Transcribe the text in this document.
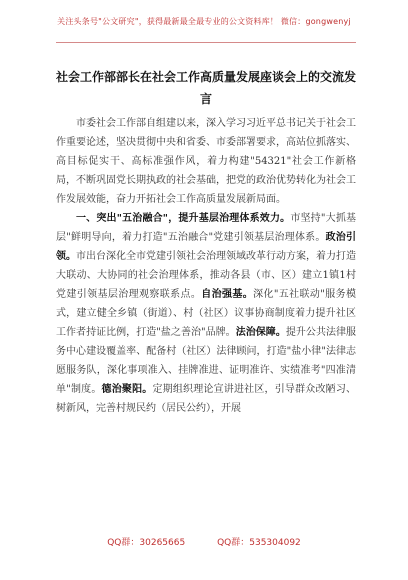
关注头条号"公文研究"，获得最新最全最专业的公文资料库！ 微信：gongwenyj
社会工作部部长在社会工作高质量发展座谈会上的交流发言

市委社会工作部自组建以来，深入学习习近平总书记关于社会工作重要论述，坚决贯彻中央和省委、市委部署要求，高站位抓落实、高目标促实干、高标准强作风，着力构建"54321"社会工作新格局，不断巩固党长期执政的社会基础，把党的政治优势转化为社会工作发展效能，奋力开拓社会工作高质量发展新局面。

一、突出"五治融合"，提升基层治理体系效力。市坚持"大抓基层"鲜明导向，着力打造"五治融合"党建引领基层治理体系。政治引领。市出台深化全市党建引领社会治理领域改革行动方案，着力打造大联动、大协同的社会治理体系，推动各县（市、区）建立1镇1村党建引领基层治理观察联系点。自治强基。深化"五社联动"服务模式，建立健全乡镇（街道）、村（社区）议事协商制度着力提升社区工作者持证比例，打造"盐之善治"品牌。法治保障。提升公共法律服务中心建设覆盖率、配备村（社区）法律顾问，打造"盐小律"法律志愿服务队，深化事项准入、挂牌准进、证明准许、实绩准考"四准清单"制度。德治聚阳。定期组织理论宣讲进社区，引导群众改陋习、树新风，完善村规民约（居民公约），开展

QQ群：30265665	QQ群：535304092
